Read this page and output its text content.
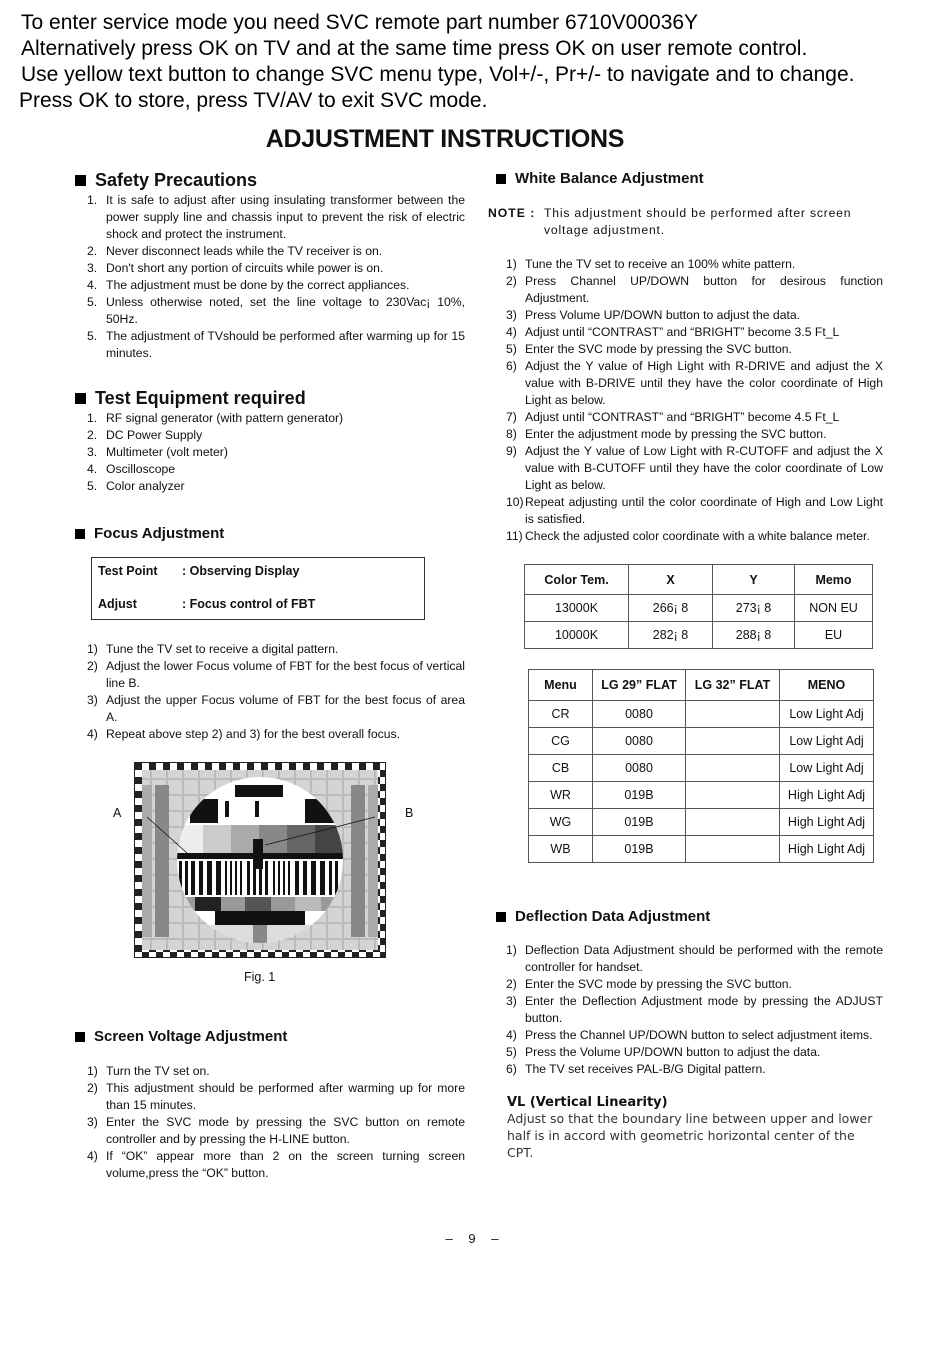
To enter service mode you need SVC remote part number 6710V00036Y

Alternatively press OK on TV and at the same time press OK on user remote control.

Use yellow text button to change SVC menu type, Vol+/-, Pr+/- to navigate and to change.

Press OK to store, press TV/AV to exit SVC mode.

ADJUSTMENT INSTRUCTIONS
Safety Precautions
1. It is safe to adjust after using insulating transformer between the power supply line and chassis input to prevent the risk of electric shock and protect the instrument.
2. Never disconnect leads while the TV receiver is on.
3. Don't short any portion of circuits while power is on.
4. The adjustment must be done by the correct appliances.
5. Unless otherwise noted, set the line voltage to 230Vac¡ 10%, 50Hz.
5. The adjustment of TVshould be performed after warming up for 15 minutes.
Test Equipment required
1. RF signal generator (with pattern generator)
2. DC Power Supply
3. Multimeter (volt meter)
4. Oscilloscope
5. Color analyzer
Focus Adjustment
Test Point	: Observing Display
Adjust	: Focus control of FBT
1) Tune the TV set to receive a digital pattern.
2) Adjust the lower Focus volume of FBT for the best focus of vertical line B.
3) Adjust the upper Focus volume of FBT for the best focus of area A.
4) Repeat above step 2) and 3) for the best overall focus.
A	B
Fig. 1
Screen Voltage Adjustment
1) Turn the TV set on.
2) This adjustment should be performed after warming up for more than 15 minutes.
3) Enter the SVC mode by pressing the SVC button on remote controller and by pressing the H-LINE button.
4) If “OK” appear more than 2 on the screen turning screen volume,press the “OK” button.
White Balance Adjustment
NOTE : This adjustment should be performed after screen voltage adjustment.
1) Tune the TV set to receive an 100% white pattern.
2) Press Channel UP/DOWN button for desirous function Adjustment.
3) Press Volume UP/DOWN button to adjust the data.
4) Adjust until “CONTRAST” and “BRIGHT” become 3.5 Ft_L
5) Enter the SVC mode by pressing the SVC button.
6) Adjust the Y value of High Light with R-DRIVE and adjust the X value with B-DRIVE until they have the color coordinate of High Light as below.
7) Adjust until “CONTRAST” and “BRIGHT” become 4.5 Ft_L
8) Enter the adjustment mode by pressing the SVC button.
9) Adjust the Y value of Low Light with R-CUTOFF and adjust the X value with B-CUTOFF until they have the color coordinate of Low Light as below.
10) Repeat adjusting until the color coordinate of High and Low Light is satisfied.
11) Check the adjusted color coordinate with a white balance meter.
Color Tem.	X	Y	Memo
13000K	266¡ 8	273¡ 8	NON EU
10000K	282¡ 8	288¡ 8	EU
Menu	LG 29” FLAT	LG 32” FLAT	MENO
CR	0080		Low Light Adj
CG	0080		Low Light Adj
CB	0080		Low Light Adj
WR	019B		High Light Adj
WG	019B		High Light Adj
WB	019B		High Light Adj
Deflection Data Adjustment
1) Deflection Data Adjustment should be performed with the remote controller for handset.
2) Enter the SVC mode by pressing the SVC button.
3) Enter the Deflection Adjustment mode by pressing the ADJUST button.
4) Press the Channel UP/DOWN button to select adjustment items.
5) Press the Volume UP/DOWN button to adjust the data.
6) The TV set receives PAL-B/G Digital pattern.
VL (Vertical Linearity)
Adjust so that the boundary line between upper and lower half is in accord with geometric horizontal center of the CPT.
– 9 –
